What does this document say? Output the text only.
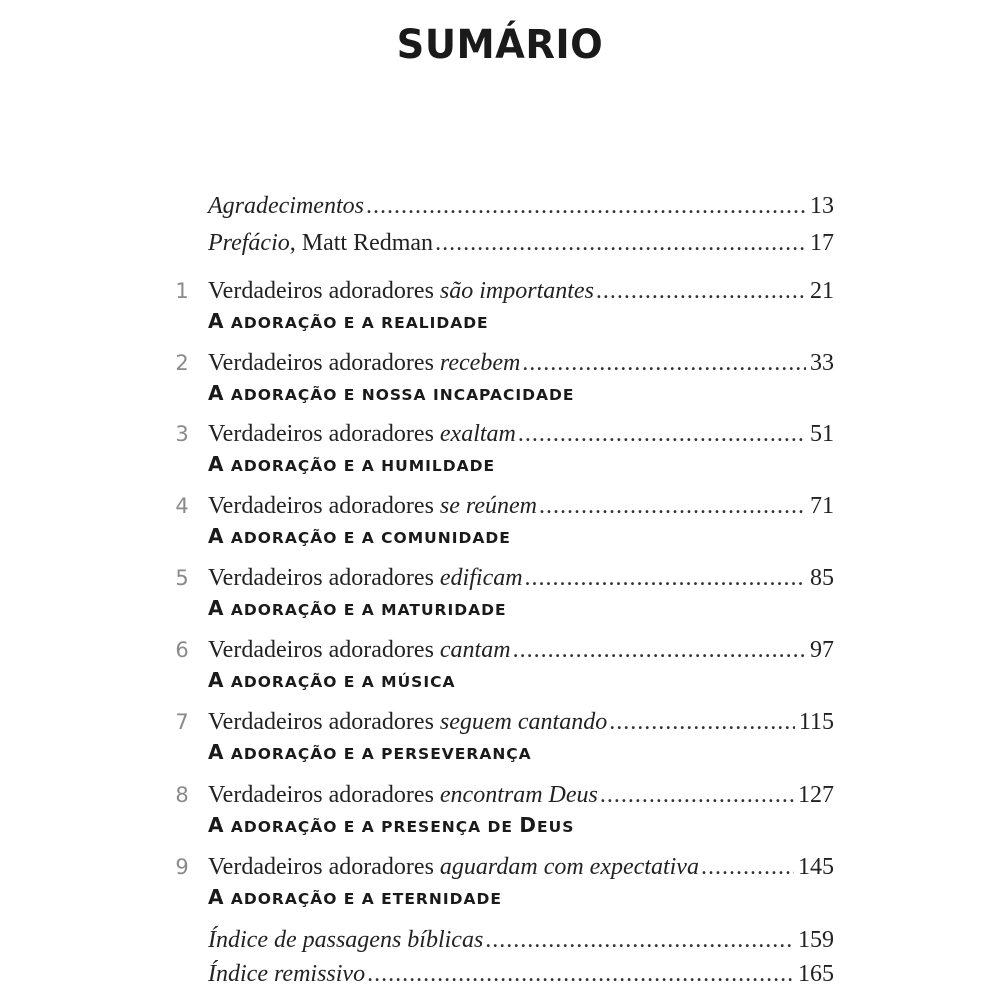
SUMÁRIO
Agradecimentos .....	13
Prefácio, Matt Redman .....	17
1 Verdadeiros adoradores são importantes .....	21
A ADORAÇÃO E A REALIDADE
2 Verdadeiros adoradores recebem .....	33
A ADORAÇÃO E NOSSA INCAPACIDADE
3 Verdadeiros adoradores exaltam .....	51
A ADORAÇÃO E A HUMILDADE
4 Verdadeiros adoradores se reúnem .....	71
A ADORAÇÃO E A COMUNIDADE
5 Verdadeiros adoradores edificam .....	85
A ADORAÇÃO E A MATURIDADE
6 Verdadeiros adoradores cantam .....	97
A ADORAÇÃO E A MÚSICA
7 Verdadeiros adoradores seguem cantando .....	115
A ADORAÇÃO E A PERSEVERANÇA
8 Verdadeiros adoradores encontram Deus .....	127
A ADORAÇÃO E A PRESENÇA DE DEUS
9 Verdadeiros adoradores aguardam com expectativa .....	145
A ADORAÇÃO E A ETERNIDADE
Índice de passagens bíblicas .....	159
Índice remissivo .....	165
